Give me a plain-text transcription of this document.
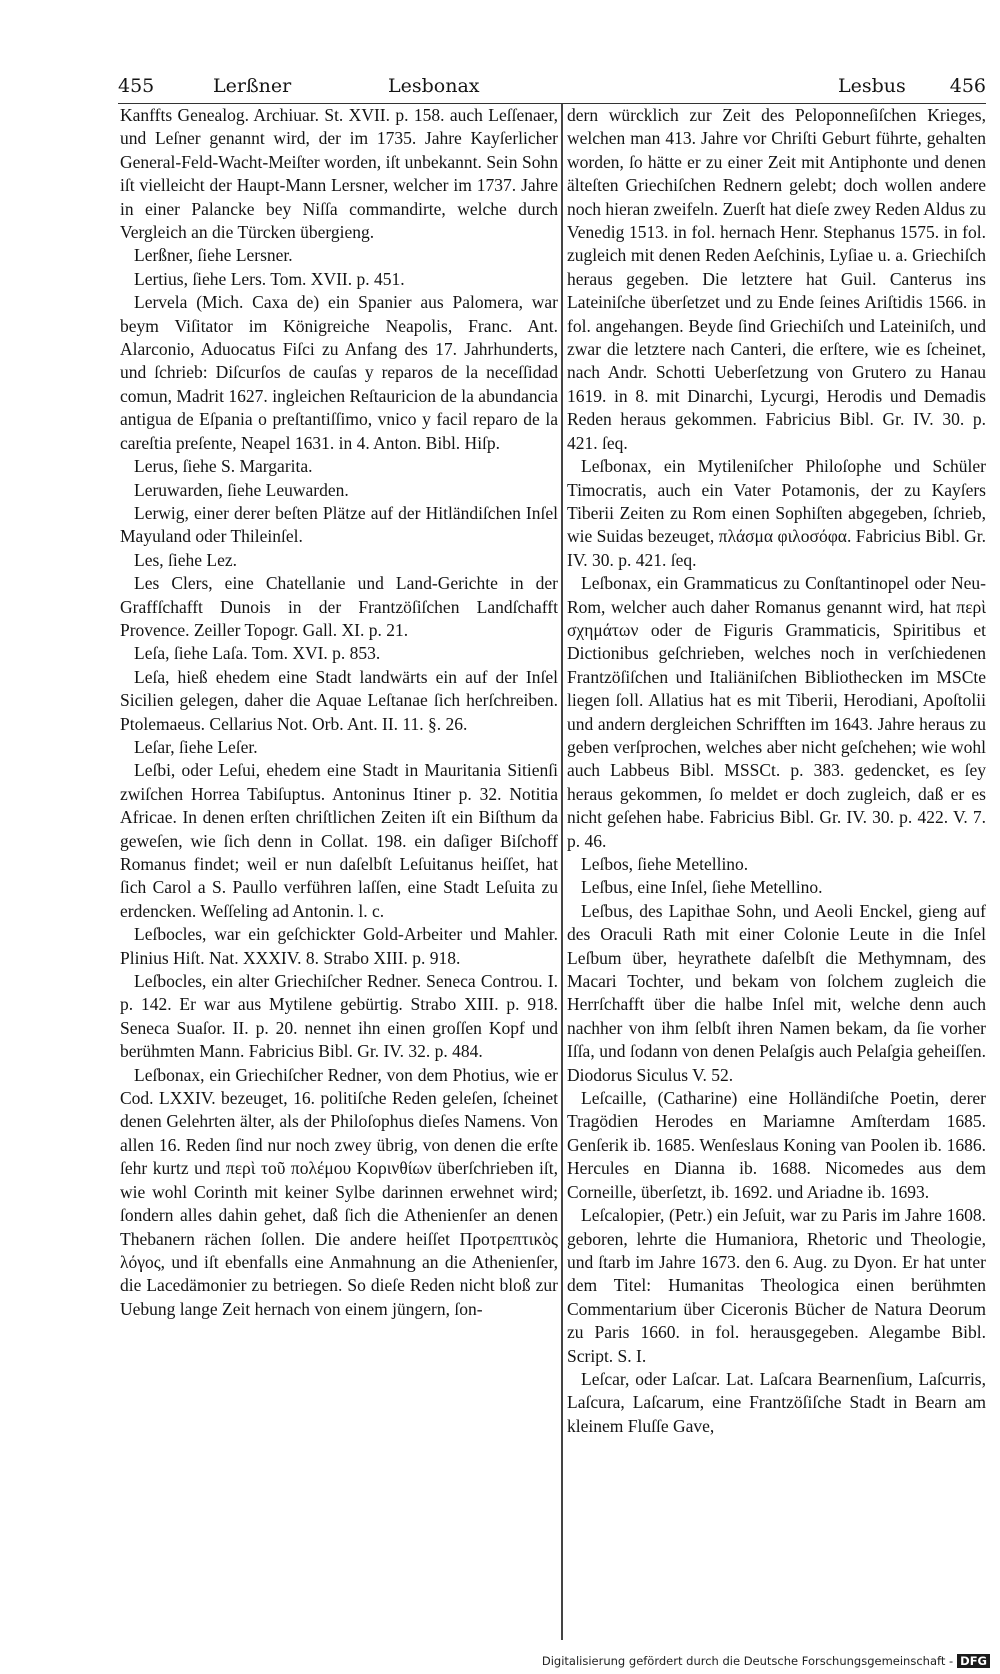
455	Lerßner	Lesbonax	Lesbus 456

Kanffts Genealog. Archiuar. St. XVII. p. 158. auch Leſſenaer, und Leſner genannt wird, der im 1735. Jahre Kayſerlicher General-Feld-Wacht-Meiſter worden, iſt unbekannt. Sein Sohn iſt vielleicht der Haupt-Mann Lersner, welcher im 1737. Jahre in einer Palancke bey Niſſa commandirte, welche durch Vergleich an die Türcken übergieng.

Lerßner, ſiehe Lersner.

Lertius, ſiehe Lers. Tom. XVII. p. 451.

Lervela (Mich. Caxa de) ein Spanier aus Palomera, war beym Viſitator im Königreiche Neapolis, Franc. Ant. Alarconio, Aduocatus Fiſci zu Anfang des 17. Jahrhunderts, und ſchrieb: Diſcurſos de cauſas y reparos de la neceſſidad comun, Madrit 1627. ingleichen Reſtauricion de la abundancia antigua de Eſpania o preſtantiſſimo, vnico y facil reparo de la careſtia preſente, Neapel 1631. in 4. Anton. Bibl. Hiſp.

Lerus, ſiehe S. Margarita.

Leruwarden, ſiehe Leuwarden.

Lerwig, einer derer beſten Plätze auf der Hitländiſchen Inſel Mayuland oder Thileinſel.

Les, ſiehe Lez.

Les Clers, eine Chatellanie und Land-Gerichte in der Graffſchafft Dunois in der Frantzöſiſchen Landſchafft Provence. Zeiller Topogr. Gall. XI. p. 21.

Leſa, ſiehe Laſa. Tom. XVI. p. 853.

Leſa, hieß ehedem eine Stadt landwärts ein auf der Inſel Sicilien gelegen, daher die Aquae Leſtanae ſich herſchreiben. Ptolemaeus. Cellarius Not. Orb. Ant. II. 11. §. 26.

Leſar, ſiehe Leſer.

Leſbi, oder Leſui, ehedem eine Stadt in Mauritania Sitienſi zwiſchen Horrea Tabiſuptus. Antoninus Itiner p. 32. Notitia Africae. In denen erſten chriſtlichen Zeiten iſt ein Biſthum da geweſen, wie ſich denn in Collat. 198. ein daſiger Biſchoff Romanus findet; weil er nun daſelbſt Leſuitanus heiſſet, hat ſich Carol a S. Paullo verführen laſſen, eine Stadt Leſuita zu erdencken. Weſſeling ad Antonin. l. c.

Leſbocles, war ein geſchickter Gold-Arbeiter und Mahler. Plinius Hiſt. Nat. XXXIV. 8. Strabo XIII. p. 918.

Leſbocles, ein alter Griechiſcher Redner. Seneca Controu. I. p. 142. Er war aus Mytilene gebürtig. Strabo XIII. p. 918. Seneca Suaſor. II. p. 20. nennet ihn einen groſſen Kopf und berühmten Mann. Fabricius Bibl. Gr. IV. 32. p. 484.

Leſbonax, ein Griechiſcher Redner, von dem Photius, wie er Cod. LXXIV. bezeuget, 16. politiſche Reden geleſen, ſcheinet denen Gelehrten älter, als der Philoſophus dieſes Namens. Von allen 16. Reden ſind nur noch zwey übrig, von denen die erſte ſehr kurtz und περὶ τοῦ πολέμου Κορινθίων überſchrieben iſt, wie wohl Corinth mit keiner Sylbe darinnen erwehnet wird; ſondern alles dahin gehet, daß ſich die Athenienſer an denen Thebanern rächen ſollen. Die andere heiſſet Προτρεπτικὸς λόγος, und iſt ebenfalls eine Anmahnung an die Athenienſer, die Lacedämonier zu betriegen. So dieſe Reden nicht bloß zur Uebung lange Zeit hernach von einem jüngern, ſon-

dern würcklich zur Zeit des Peloponneſiſchen Krieges, welchen man 413. Jahre vor Chriſti Geburt führte, gehalten worden, ſo hätte er zu einer Zeit mit Antiphonte und denen älteſten Griechiſchen Rednern gelebt; doch wollen andere noch hieran zweifeln. Zuerſt hat dieſe zwey Reden Aldus zu Venedig 1513. in fol. hernach Henr. Stephanus 1575. in fol. zugleich mit denen Reden Aeſchinis, Lyſiae u. a. Griechiſch heraus gegeben. Die letztere hat Guil. Canterus ins Lateiniſche überſetzet und zu Ende ſeines Ariſtidis 1566. in fol. angehangen. Beyde ſind Griechiſch und Lateiniſch, und zwar die letztere nach Canteri, die erſtere, wie es ſcheinet, nach Andr. Schotti Ueberſetzung von Grutero zu Hanau 1619. in 8. mit Dinarchi, Lycurgi, Herodis und Demadis Reden heraus gekommen. Fabricius Bibl. Gr. IV. 30. p. 421. ſeq.

Leſbonax, ein Mytileniſcher Philoſophe und Schüler Timocratis, auch ein Vater Potamonis, der zu Kayſers Tiberii Zeiten zu Rom einen Sophiſten abgegeben, ſchrieb, wie Suidas bezeuget, πλάσμα φιλοσόφα. Fabricius Bibl. Gr. IV. 30. p. 421. ſeq.

Leſbonax, ein Grammaticus zu Conſtantinopel oder Neu-Rom, welcher auch daher Romanus genannt wird, hat περὶ σχημάτων oder de Figuris Grammaticis, Spiritibus et Dictionibus geſchrieben, welches noch in verſchiedenen Frantzöſiſchen und Italiäniſchen Bibliothecken im MSCte liegen ſoll. Allatius hat es mit Tiberii, Herodiani, Apoſtolii und andern dergleichen Schrifften im 1643. Jahre heraus zu geben verſprochen, welches aber nicht geſchehen; wie wohl auch Labbeus Bibl. MSSCt. p. 383. gedencket, es ſey heraus gekommen, ſo meldet er doch zugleich, daß er es nicht geſehen habe. Fabricius Bibl. Gr. IV. 30. p. 422. V. 7. p. 46.

Leſbos, ſiehe Metellino.

Leſbus, eine Inſel, ſiehe Metellino.

Leſbus, des Lapithae Sohn, und Aeoli Enckel, gieng auf des Oraculi Rath mit einer Colonie Leute in die Inſel Leſbum über, heyrathete daſelbſt die Methymnam, des Macari Tochter, und bekam von ſolchem zugleich die Herrſchafft über die halbe Inſel mit, welche denn auch nachher von ihm ſelbſt ihren Namen bekam, da ſie vorher Iſſa, und ſodann von denen Pelaſgis auch Pelaſgia geheiſſen. Diodorus Siculus V. 52.

Leſcaille, (Catharine) eine Holländiſche Poetin, derer Tragödien Herodes en Mariamne Amſterdam 1685. Genſerik ib. 1685. Wenſeslaus Koning van Poolen ib. 1686. Hercules en Dianna ib. 1688. Nicomedes aus dem Corneille, überſetzt, ib. 1692. und Ariadne ib. 1693.

Leſcalopier, (Petr.) ein Jeſuit, war zu Paris im Jahre 1608. geboren, lehrte die Humaniora, Rhetoric und Theologie, und ſtarb im Jahre 1673. den 6. Aug. zu Dyon. Er hat unter dem Titel: Humanitas Theologica einen berühmten Commentarium über Ciceronis Bücher de Natura Deorum zu Paris 1660. in fol. herausgegeben. Alegambe Bibl. Script. S. I.

Leſcar, oder Laſcar. Lat. Laſcara Bearnenſium, Laſcurris, Laſcura, Laſcarum, eine Frantzöſiſche Stadt in Bearn am kleinem Fluſſe Gave,

Digitalisierung gefördert durch die Deutsche Forschungsgemeinschaft - DFG
